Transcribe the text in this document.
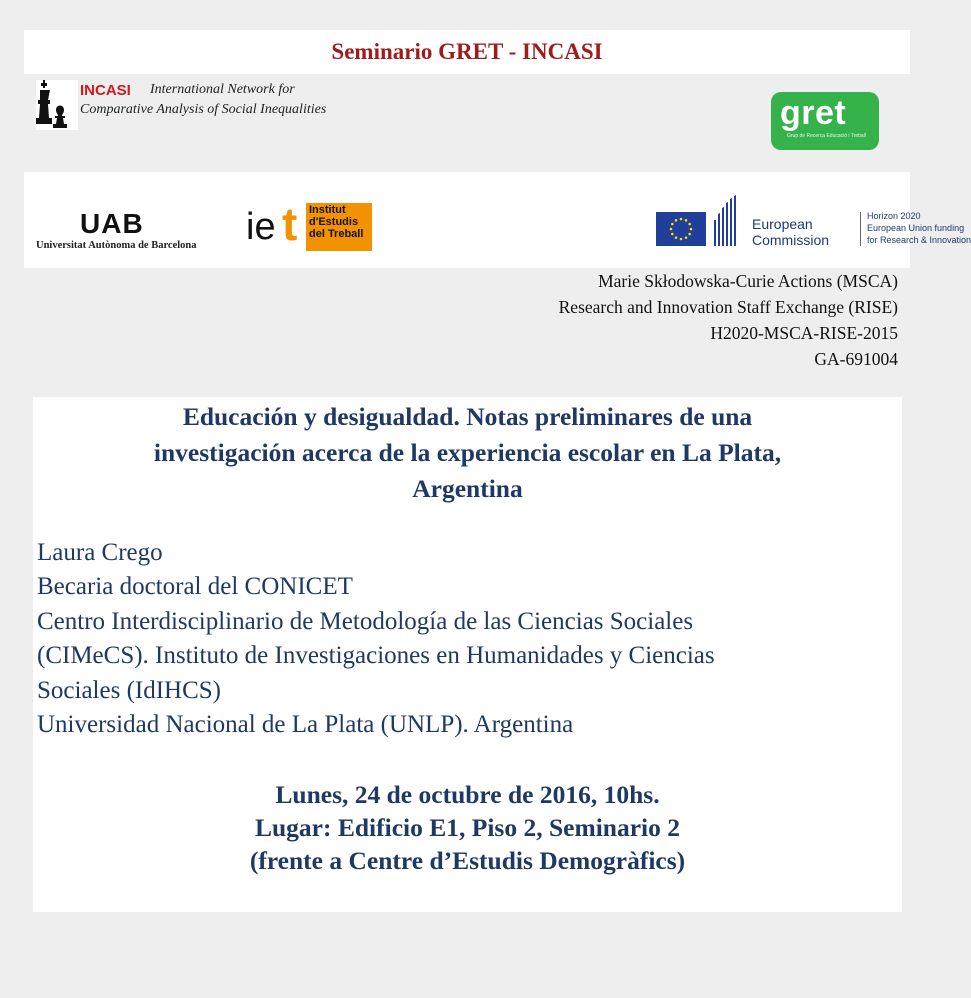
Seminario GRET - INCASI
INCASI International Network for
Comparative Analysis of Social Inequalities	gret
Grup de Recerca Educació i Treball
UAB
Universitat Autònoma de Barcelona ie t Institut
d'Estudis
del Treball
European
Commission
Horizon 2020
European Union funding
for Research & Innovation
Marie Skłodowska-Curie Actions (MSCA)
Research and Innovation Staff Exchange (RISE)
H2020-MSCA-RISE-2015
GA-691004
Educación y desigualdad. Notas preliminares de una
investigación acerca de la experiencia escolar en La Plata,
Argentina
Laura Crego
Becaria doctoral del CONICET
Centro Interdisciplinario de Metodología de las Ciencias Sociales
(CIMeCS). Instituto de Investigaciones en Humanidades y Ciencias
Sociales (IdIHCS)
Universidad Nacional de La Plata (UNLP). Argentina
Lunes, 24 de octubre de 2016, 10hs.
Lugar: Edificio E1, Piso 2, Seminario 2
(frente a Centre d’Estudis Demogràfics)
